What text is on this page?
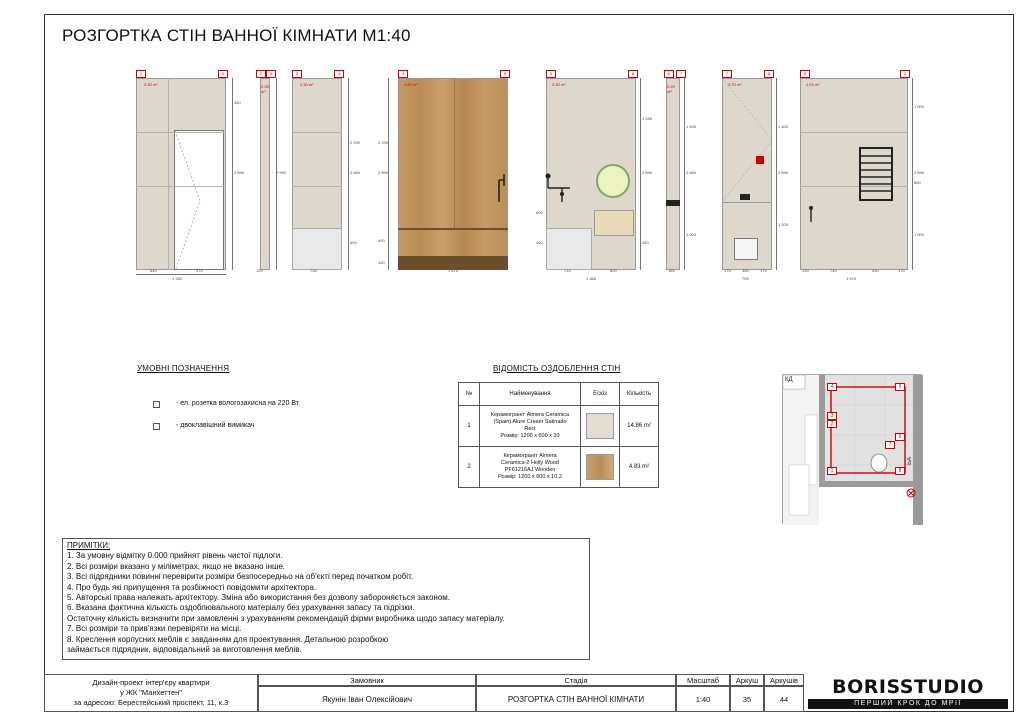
РОЗГОРТКА СТІН ВАННОЇ КІМНАТИ М1:40
1	2
3.30 m²
540	170
1 330
450
2 690
2	3
0.28 m²
120
2 690
3	4
2.30 m²
735
2 290
2 690
400
4	5
4.83 m²
1 670
2 290
2 690
400
100
5	6
3.30 m²
710	600
1 365
1 240
2 690
600
400	450
6	7
0.29 m²
165
1 400
2 690
1 000
7	8
3.70 m²
175	350	175
700
1 400
2 690
1 200
8	1
4.03 m²
130	740	530	170
1 570
1 000
2 690
850
1 000
УМОВНІ ПОЗНАЧЕННЯ
- ел. розетка вологозахисна на 220 Вт
- двоклавішний вимикач
ВІДОМІСТЬ ОЗДОБЛЕННЯ СТІН
№	Найменування	Ескіз	Кількість
1	Керамограніт Almera Ceramica
(Spain) Alure Cream Satinado
Rect
Розмір: 1200 x 600 x 10		14.86 m²
2	Керамограніт Almera
Ceramica-2 Holly Wood
PF61216AJ Wooden
Розмір: 1200 x 600 x 10.2		4.83 m²
КД
БА
1
2
3
4	5
6
7
8
ПРИМІТКИ:
1. За умовну відмітку 0.000 прийнят рівень чистої підлоги.
2. Всі розміри вказано у міліметрах, якщо не вказано інше.
3. Всі підрядники повинні перевірити розміри безпосередньо на об'єкті перед початком робіт.
4. Про будь які припущення та розбіжності повідомити архітектора.
5. Авторські права належать архітектору. Зміна або використання без дозволу забороняється законом.
6. Вказана фактична кількість оздоблювального матеріалу без урахування запасу та підрізки.
Остаточну кількість визначити при замовленні з урахуванням рекомендацій фірми виробника щодо запасу матеріалу.
7. Всі розміри та прив'язки перевіряти на місці.
8. Креслення корпусних меблів є завданням для проектування. Детальною розробкою
займається підрядник, відповідальний за виготовлення меблів.
Дизайн-проект інтер'єру квартири
у ЖК "Манхеттен"
за адресою: Берестейський проспект, 11, к.3
Замовник
Якунін Іван Олексійович
Стадія
РОЗГОРТКА СТІН ВАННОЇ КІМНАТИ
Масштаб
1:40
Аркуш
35
Аркушів
44
BORISSTUDIO
ПЕРШИЙ КРОК ДО МРІЇ
